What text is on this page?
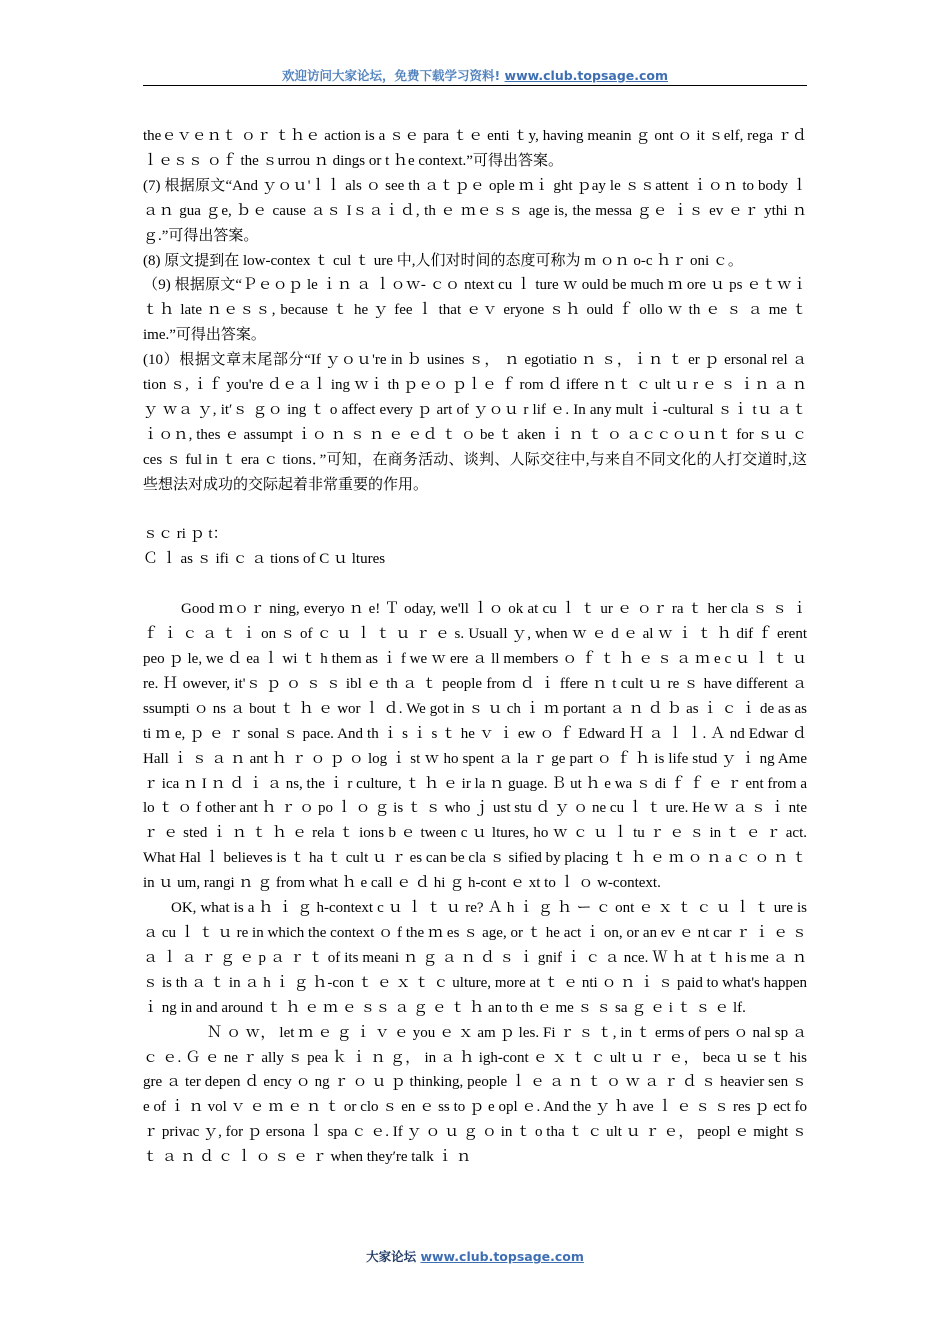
欢迎访问大家论坛，免费下载学习资料! www.club.topsage.com

theｅｖｅｎｔ ｏｒ ｔｈｅ action is a ｓｅ para ｔｅ enti ｔy, having meanin ｇ ont ｏ it ｓelf, rega ｒｄｌｅｓｓ ｏｆ the ｓurrou ｎ dings or t ｈe context.”可得出答案。

(7) 根据原文“And ｙｏｕ'ｌｌ als ｏ see th ａｔｐｅ ople ｍｉ ght ｐay le ｓｓattent ｉｏｎ to body ｌａｎ gua ｇe, ｂｅ cause ａｓ Iｓａｉｄ, th ｅ ｍｅｓｓ age is, the messa ｇｅ ｉｓ ev ｅｒ ythi ｎｇ.”可得出答案。

(8) 原文提到在 low-contex ｔ cul ｔ ure 中,人们对时间的态度可称为 m ｏｎ o-c ｈｒ oni ｃ。

（9) 根据原文“Ｐｅｏｐ le ｉｎ ａ ｌｏｗ- ｃｏ ntext cu ｌ ture ｗ ould be much ｍ ore ｕ ps ｅｔｗｉｔｈ late ｎｅｓｓ, because ｔ he ｙ fee ｌ that ｅｖ eryone ｓｈ ould ｆ ollo ｗ th ｅ ｓ ａ me ｔ ime.”可得出答案。

(10）根据文章末尾部分“If ｙｏｕ're in ｂ usines ｓ， ｎ egotiatio ｎ ｓ，ｉｎ ｔ er ｐ ersonal rel ａ tion ｓ, ｉｆ you're ｄｅａｌ ing ｗｉ th ｐｅｏ ｐｌｅ ｆ rom ｄ iffere ｎｔ ｃ ult ｕ r ｅ ｓ ｉｎ ａ ｎｙ ｗａ ｙ, it′ｓ ｇｏ ing ｔ o affect every ｐ art of ｙｏｕ r lif ｅ. In any mult ｉ-cultural ｓｉ tｕ ａｔ ｉｏｎ, thes ｅ assumpt ｉｏ ｎ ｓ ｎ ｅ ｅｄ ｔ ｏ be ｔ aken ｉ ｎ ｔ ｏ ａｃｃｏｕｎｔ for ｓｕ ｃ ces ｓ ful in ｔ era ｃ tions．”可知，在商务活动、谈判、人际交往中,与来自不同文化的人打交道时,这些想法对成功的交际起着非常重要的作用。

ｓｃ ri ｐ t：

Ｃ ｌ as ｓ ifi ｃ ａ tions of C ｕ ltures

Good ｍｏｒ ning, everyo ｎ e! Ｔ oday, we'll ｌｏ ok at cu ｌ ｔ ur ｅ ｏｒ ra ｔ her cla ｓ ｓ ｉ ｆ ｉ ｃ ａ ｔ ｉ on ｓ of ｃ ｕ ｌ ｔ ｕ ｒ ｅ s. Usuall ｙ, when ｗ ｅ d ｅ al ｗ ｉ ｔ ｈ dif ｆ erent peo ｐ le, we ｄ ea ｌ wi ｔ h them as ｉ f we ｗ ere ａ ll members ｏ ｆ ｔ ｈ ｅ ｓ ａ ｍ e c ｕ ｌ ｔ ｕ re. Ｈ owever, it'ｓ ｐ ｏ ｓ ｓ ibl ｅ th ａ ｔ people from ｄ ｉ ffere ｎ t cult ｕ re ｓ have different ａ ssumpti ｏ ns ａ bout ｔ ｈ ｅ wor ｌ ｄ. We got in ｓ ｕ ch ｉ ｍ portant ａ ｎ ｄ ｂ as ｉ ｃ ｉ de as as ti ｍ e, ｐ ｅ ｒ sonal ｓ pace. And th ｉ s ｉ s ｔ he ｖ ｉ ew ｏ ｆ Edward Ｈ ａ ｌ ｌ. Ａ nd Edwar ｄ Hall ｉ ｓ ａ ｎ ant ｈ ｒ ｏ ｐ ｏ log ｉ st ｗ ho spent ａ la ｒ ge part ｏ ｆ ｈ is life stud ｙ ｉ ng Ame ｒ ica ｎ I ｎ ｄ ｉ ａ ns, the ｉ r culture, ｔ ｈ ｅ ir la ｎ guage. Ｂ ut ｈ e wa ｓ di ｆ ｆ ｅ ｒ ent from a lo ｔ ｏ f other ant ｈ ｒ ｏ po ｌ ｏ ｇ is ｔ ｓ who ｊ ust stu ｄ ｙ ｏ ne cu ｌ ｔ ure. He ｗ ａ ｓ ｉ nte ｒ ｅ sted ｉ ｎ ｔ ｈ ｅ rela ｔ ions b ｅ tween c ｕ ltures, ho ｗ ｃ ｕ ｌ tu ｒ ｅ ｓ in ｔ ｅ ｒ act. What Hal ｌ believes is ｔ ha ｔ cult ｕ ｒ es can be cla ｓ sified by placing ｔ ｈ ｅ ｍ ｏ ｎ a ｃ ｏ ｎ ｔ in ｕ um, rangi ｎ ｇ from what ｈ e call ｅ ｄ hi ｇ h-cont ｅ xt to ｌ ｏ w-context.

OK, what is a ｈ ｉ ｇ h-context c ｕ ｌ ｔ ｕ re? Ａ h ｉ ｇ ｈ ー ｃ ont ｅ ｘ ｔ ｃ ｕ ｌ ｔ ure is ａ cu ｌ ｔ ｕ re in which the context ｏ f the ｍ es ｓ age, or ｔ he act ｉ on, or an ev ｅ nt car ｒ ｉ ｅ ｓ ａ ｌ ａ ｒ ｇ ｅ p ａ ｒ ｔ of its meani ｎ ｇ ａ ｎ ｄ ｓ ｉ gnif ｉ ｃ ａ nce. Ｗ ｈ at ｔ h is me ａ ｎ ｓ is th ａ ｔ in ａ h ｉ ｇ ｈ-con ｔ ｅ ｘ ｔ ｃ ulture, more at ｔ ｅ nti ｏ ｎ ｉ ｓ paid to what's happen ｉ ng in and around ｔ ｈ ｅ ｍ ｅ ｓｓ ａ ｇ ｅ ｔ ｈ an to th ｅ me ｓ ｓ sa ｇ ｅ i ｔ ｓ ｅ lf.

Ｎ ｏ ｗ， let ｍ ｅ ｇ ｉ ｖ ｅ you ｅ ｘ am ｐ les. Fi ｒ ｓ ｔ, in ｔ erms of pers ｏ nal sp ａ ｃ ｅ. Ｇ ｅ ne ｒ ally ｓ pea ｋ ｉ ｎ ｇ， in ａ ｈ igh-cont ｅ ｘ ｔ ｃ ult ｕ ｒ ｅ， beca ｕ se ｔ his gre ａ ter depen ｄ ency ｏ ng ｒ ｏ ｕ ｐ thinking, people ｌ ｅ ａ ｎ ｔ ｏ ｗ ａ ｒ ｄ ｓ heavier sen ｓ e of ｉ ｎ vol ｖ ｅ ｍ ｅ ｎ ｔ or clo ｓ en ｅ ss to ｐ e opl ｅ. And the ｙ ｈ ave ｌ ｅ ｓ ｓ res ｐ ect fo ｒ privac ｙ, for ｐ ersona ｌ spa ｃ ｅ. If ｙ ｏ ｕ ｇ ｏ in ｔ o tha ｔ ｃ ult ｕ ｒ ｅ， peopl ｅ might ｓ ｔ ａ ｎ ｄ ｃ ｌ ｏ ｓ ｅ ｒ when they′re talk ｉ ｎ

大家论坛 www.club.topsage.com
